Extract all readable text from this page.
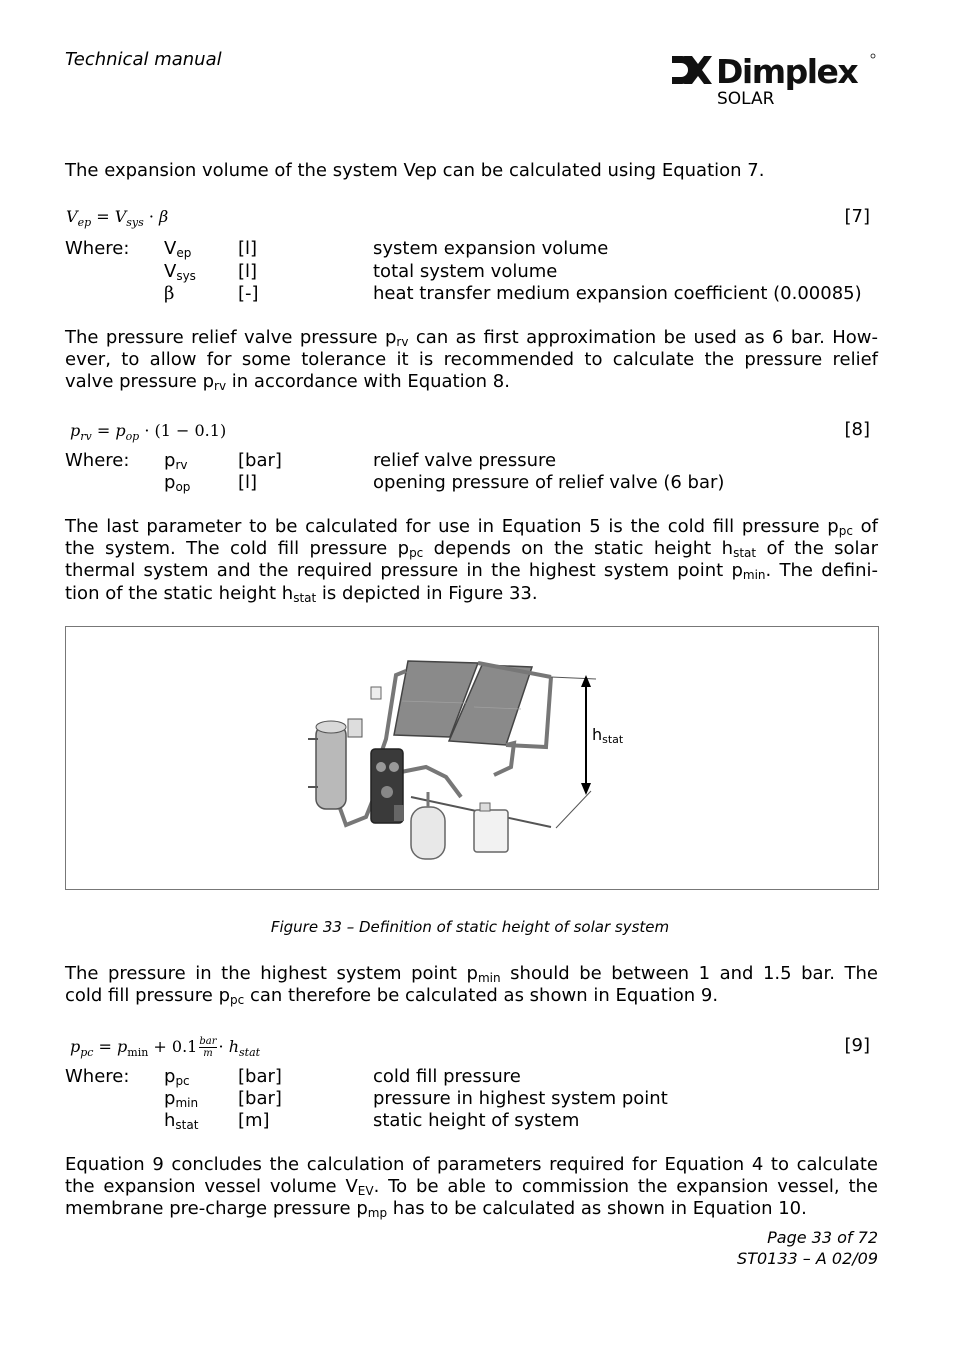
Technical manual	Dimplex
SOLAR
The expansion volume of the system Vep can be calculated using Equation 7.
$V_{ep} = V_{sys} \cdot \beta$	[7]
Where: $V_{ep}$	[l]	system expansion volume
$V_{sys}$ [l]	total system volume
β	[-]	heat transfer medium expansion coefficient (0.00085)
The pressure relief valve pressure $p_{rv}$ can as first approximation be used as 6 bar. How-
ever, to allow for some tolerance it is recommended to calculate the pressure relief
valve pressure $p_{rv}$ in accordance with Equation 8.
$p_{rv} = p_{op} \cdot (1 - 0.1)$	[8]
Where: $p_{rv}$	[bar]	relief valve pressure
$p_{op}$	[l]	opening pressure of relief valve (6 bar)
The last parameter to be calculated for use in Equation 5 is the cold fill pressure $p_{pc}$ of
the system. The cold fill pressure $p_{pc}$ depends on the static height $h_{stat}$ of the solar
thermal system and the required pressure in the highest system point $p_{min}$. The defini-
tion of the static height $h_{stat}$ is depicted in Figure 33.
$h_{stat}$
Figure 33 – Definition of static height of solar system
The pressure in the highest system point $p_{min}$ should be between 1 and 1.5 bar. The
cold fill pressure $p_{pc}$ can therefore be calculated as shown in Equation 9.
$p_{pc} = p_{min} + 0.1$ bar
$m \cdot h_{stat}$	[9]
Where: $p_{pc}$	[bar]	cold fill pressure
$p_{min}$ [bar]	pressure in highest system point
$h_{stat}$ [m]	static height of system
Equation 9 concludes the calculation of parameters required for Equation 4 to calculate
the expansion vessel volume $V_{EV}$. To be able to commission the expansion vessel, the
membrane pre-charge pressure $p_{mp}$ has to be calculated as shown in Equation 10.
Page 33 of 72
ST0133 – A 02/09
